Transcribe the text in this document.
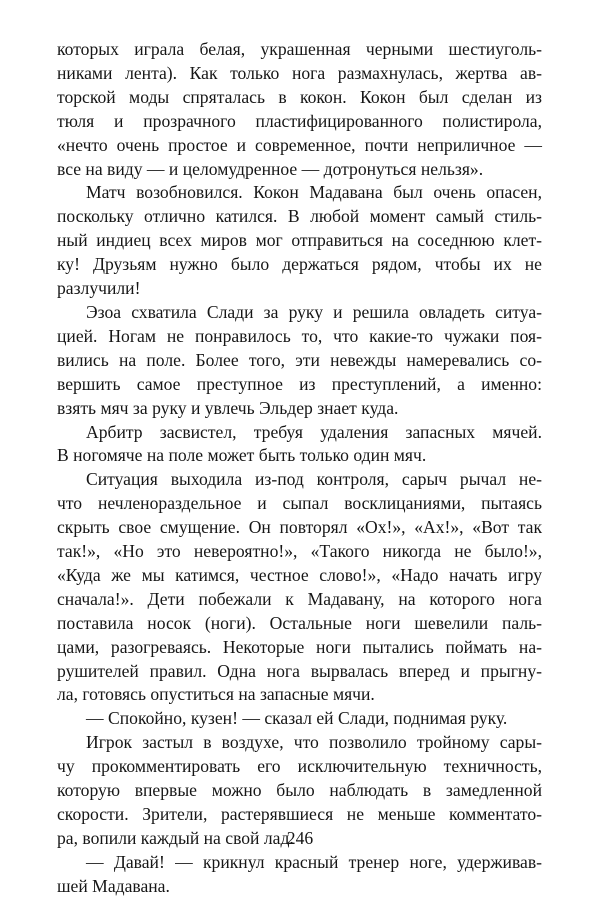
которых играла белая, украшенная черными шестиуголь-
никами лента). Как только нога размахнулась, жертва ав-
торской моды спряталась в кокон. Кокон был сделан из
тюля и прозрачного пластифицированного полистирола,
«нечто очень простое и современное, почти неприличное —
все на виду — и целомудренное — дотронуться нельзя».
Матч возобновился. Кокон Мадавана был очень опасен,
поскольку отлично катился. В любой момент самый стиль-
ный индиец всех миров мог отправиться на соседнюю клет-
ку! Друзьям нужно было держаться рядом, чтобы их не
разлучили!
Эзоа схватила Слади за руку и решила овладеть ситуа-
цией. Ногам не понравилось то, что какие-то чужаки поя-
вились на поле. Более того, эти невежды намеревались со-
вершить самое преступное из преступлений, а именно:
взять мяч за руку и увлечь Эльдер знает куда.
Арбитр засвистел, требуя удаления запасных мячей.
В ногомяче на поле может быть только один мяч.
Ситуация выходила из-под контроля, сарыч рычал не-
что нечленораздельное и сыпал восклицаниями, пытаясь
скрыть свое смущение. Он повторял «Ох!», «Ах!», «Вот так
так!», «Но это невероятно!», «Такого никогда не было!»,
«Куда же мы катимся, честное слово!», «Надо начать игру
сначала!». Дети побежали к Мадавану, на которого нога
поставила носок (ноги). Остальные ноги шевелили паль-
цами, разогреваясь. Некоторые ноги пытались поймать на-
рушителей правил. Одна нога вырвалась вперед и прыгну-
ла, готовясь опуститься на запасные мячи.
— Спокойно, кузен! — сказал ей Слади, поднимая руку.
Игрок застыл в воздухе, что позволило тройному сары-
чу прокомментировать его исключительную техничность,
которую впервые можно было наблюдать в замедленной
скорости. Зрители, растерявшиеся не меньше комментато-
ра, вопили каждый на свой лад.
— Давай! — крикнул красный тренер ноге, удерживав-
шей Мадавана.
246
